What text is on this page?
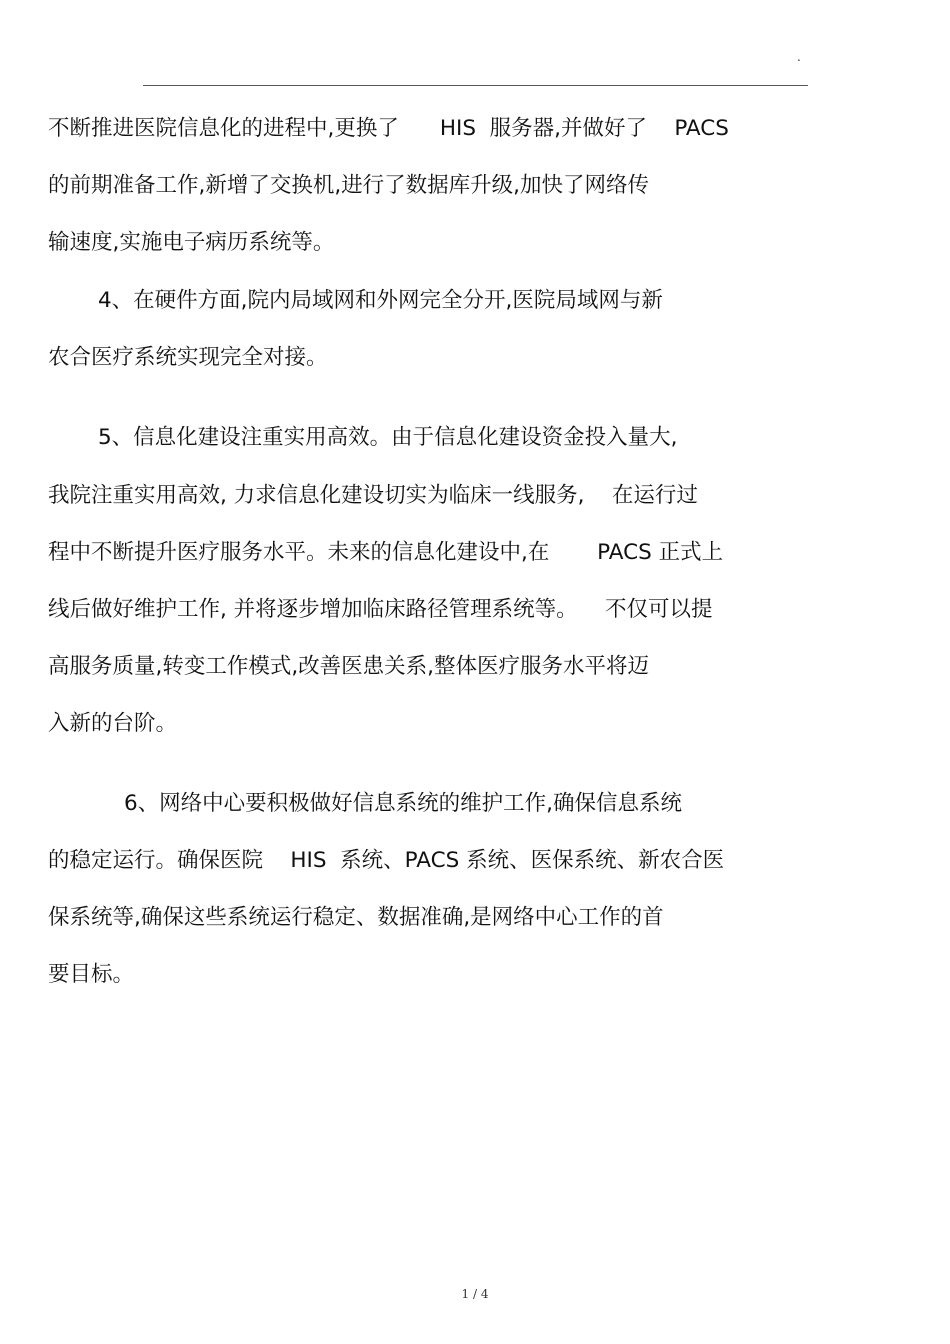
.
不断推进医院信息化的进程中,更换了      HIS  服务器,并做好了    PACS
的前期准备工作,新增了交换机,进行了数据库升级,加快了网络传
输速度,实施电子病历系统等。
4、在硬件方面,院内局域网和外网完全分开,医院局域网与新
农合医疗系统实现完全对接。
5、信息化建设注重实用高效。由于信息化建设资金投入量大,
我院注重实用高效, 力求信息化建设切实为临床一线服务,    在运行过
程中不断提升医疗服务水平。未来的信息化建设中,在       PACS 正式上
线后做好维护工作, 并将逐步增加临床路径管理系统等。    不仅可以提
高服务质量,转变工作模式,改善医患关系,整体医疗服务水平将迈
入新的台阶。
6、网络中心要积极做好信息系统的维护工作,确保信息系统
的稳定运行。确保医院    HIS  系统、PACS 系统、医保系统、新农合医
保系统等,确保这些系统运行稳定、数据准确,是网络中心工作的首
要目标。
1 / 4
